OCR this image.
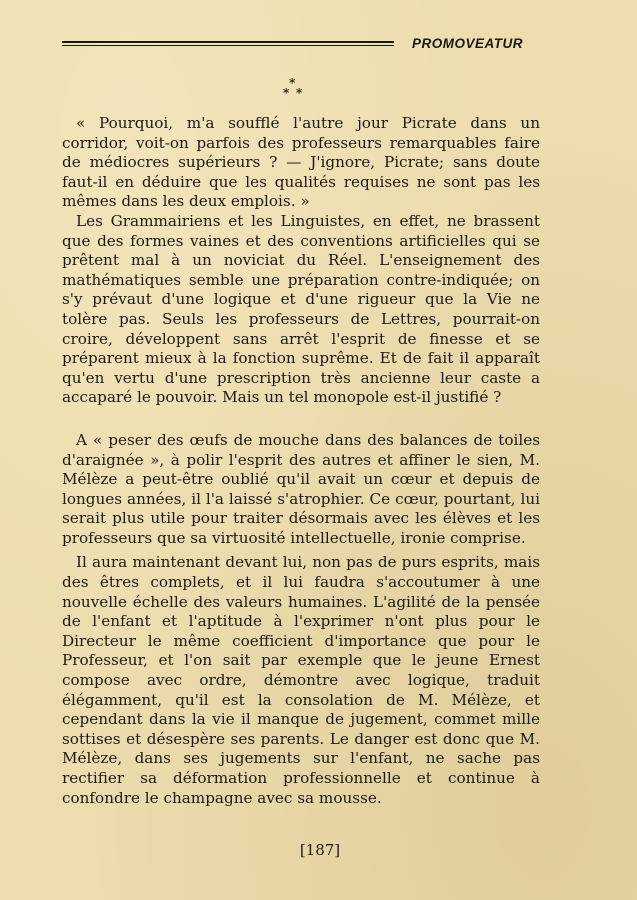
PROMOVEATUR
*
* *

« Pourquoi, m'a soufflé l'autre jour Picrate dans un corridor, voit-on parfois des professeurs remarquables faire de médiocres supérieurs ? — J'ignore, Picrate; sans doute faut-il en déduire que les qualités requises ne sont pas les mêmes dans les deux emplois. »

Les Grammairiens et les Linguistes, en effet, ne brassent que des formes vaines et des conventions artificielles qui se prêtent mal à un noviciat du Réel. L'enseignement des mathématiques semble une préparation contre-indiquée; on s'y prévaut d'une logique et d'une rigueur que la Vie ne tolère pas. Seuls les professeurs de Lettres, pourrait-on croire, développent sans arrêt l'esprit de finesse et se préparent mieux à la fonction suprême. Et de fait il apparaît qu'en vertu d'une prescription très ancienne leur caste a accaparé le pouvoir. Mais un tel monopole est-il justifié ?

A « peser des œufs de mouche dans des balances de toiles d'araignée », à polir l'esprit des autres et affiner le sien, M. Mélèze a peut-être oublié qu'il avait un cœur et depuis de longues années, il l'a laissé s'atrophier. Ce cœur, pourtant, lui serait plus utile pour traiter désormais avec les élèves et les professeurs que sa virtuosité intellectuelle, ironie comprise.

Il aura maintenant devant lui, non pas de purs esprits, mais des êtres complets, et il lui faudra s'accoutumer à une nouvelle échelle des valeurs humaines. L'agilité de la pensée de l'enfant et l'aptitude à l'exprimer n'ont plus pour le Directeur le même coefficient d'importance que pour le Professeur, et l'on sait par exemple que le jeune Ernest compose avec ordre, démontre avec logique, traduit élégamment, qu'il est la consolation de M. Mélèze, et cependant dans la vie il manque de jugement, commet mille sottises et désespère ses parents. Le danger est donc que M. Mélèze, dans ses jugements sur l'enfant, ne sache pas rectifier sa déformation professionnelle et continue à confondre le champagne avec sa mousse.

[187]
